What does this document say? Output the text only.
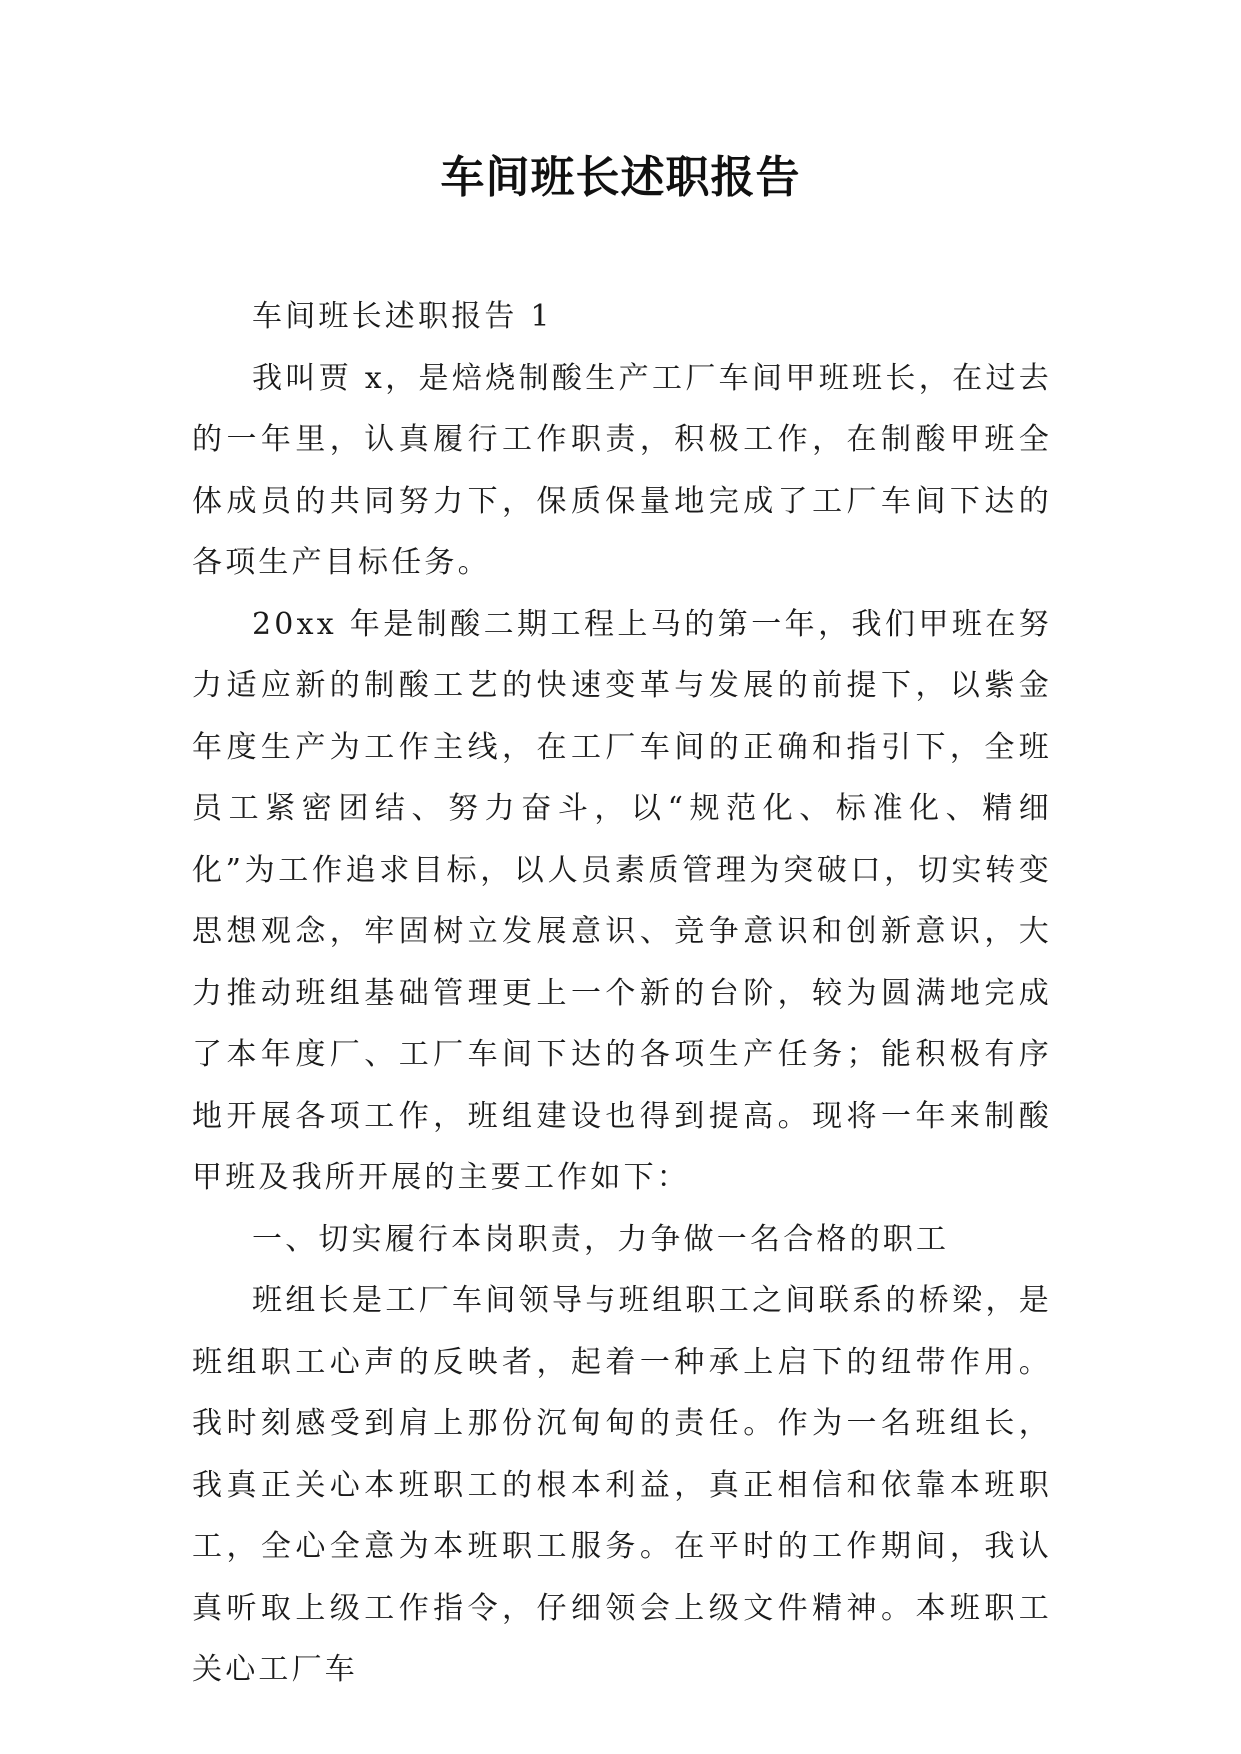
车间班长述职报告

车间班长述职报告 1

我叫贾 x，是焙烧制酸生产工厂车间甲班班长，在过去的一年里，认真履行工作职责，积极工作，在制酸甲班全体成员的共同努力下，保质保量地完成了工厂车间下达的各项生产目标任务。

20xx 年是制酸二期工程上马的第一年，我们甲班在努力适应新的制酸工艺的快速变革与发展的前提下，以紫金年度生产为工作主线，在工厂车间的正确和指引下，全班员工紧密团结、努力奋斗，以“规范化、标准化、精细化”为工作追求目标，以人员素质管理为突破口，切实转变思想观念，牢固树立发展意识、竞争意识和创新意识，大力推动班组基础管理更上一个新的台阶，较为圆满地完成了本年度厂、工厂车间下达的各项生产任务；能积极有序地开展各项工作，班组建设也得到提高。现将一年来制酸甲班及我所开展的主要工作如下：

一、切实履行本岗职责，力争做一名合格的职工

班组长是工厂车间领导与班组职工之间联系的桥梁，是班组职工心声的反映者，起着一种承上启下的纽带作用。我时刻感受到肩上那份沉甸甸的责任。作为一名班组长，我真正关心本班职工的根本利益，真正相信和依靠本班职工，全心全意为本班职工服务。在平时的工作期间，我认真听取上级工作指令，仔细领会上级文件精神。本班职工关心工厂车
